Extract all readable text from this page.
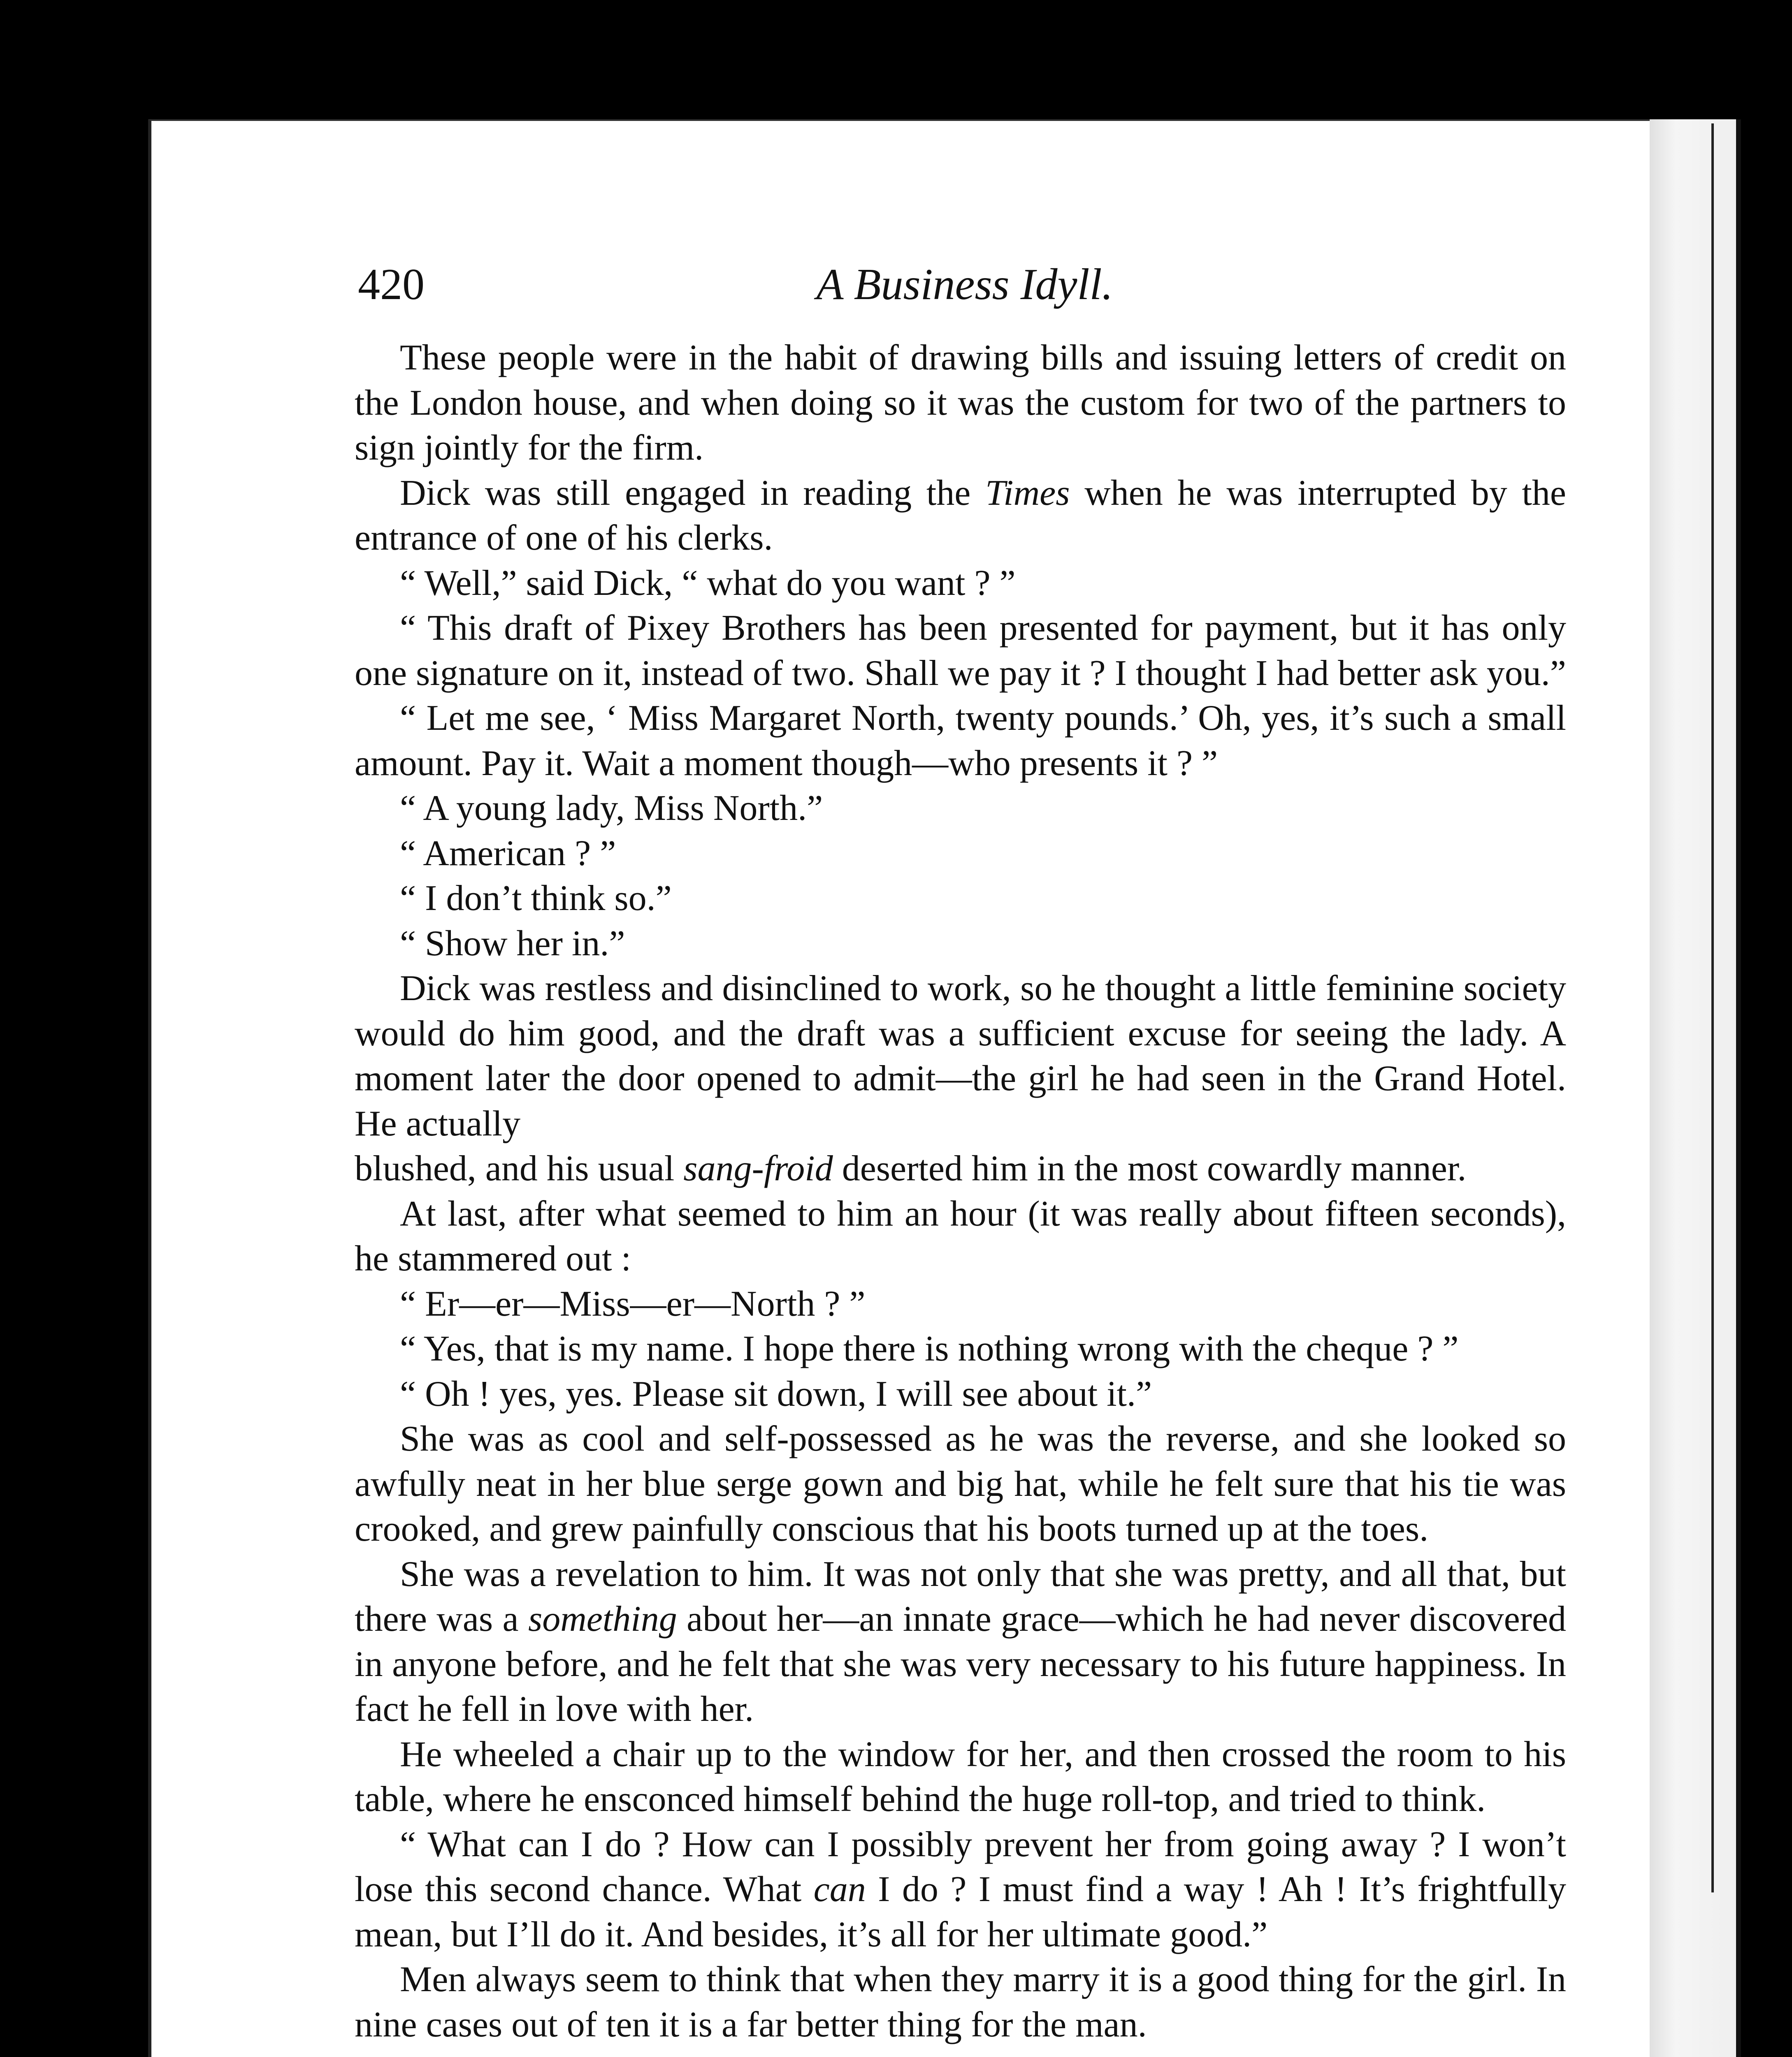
420	A Business Idyll.

These people were in the habit of drawing bills and issuing letters of credit on the London house, and when doing so it was the custom for two of the partners to sign jointly for the firm.

Dick was still engaged in reading the Times when he was interrupted by the entrance of one of his clerks.

“ Well,” said Dick, “ what do you want ? ”

“ This draft of Pixey Brothers has been presented for payment, but it has only one signature on it, instead of two. Shall we pay it ? I thought I had better ask you.”

“ Let me see, ‘ Miss Margaret North, twenty pounds.’ Oh, yes, it’s such a small amount. Pay it. Wait a moment though—who presents it ? ”

“ A young lady, Miss North.”

“ American ? ”

“ I don’t think so.”

“ Show her in.”

Dick was restless and disinclined to work, so he thought a little feminine society would do him good, and the draft was a sufficient excuse for seeing the lady. A moment later the door opened to admit—the girl he had seen in the Grand Hotel. He actually

blushed, and his usual sang-froid deserted him in the most cowardly manner.

At last, after what seemed to him an hour (it was really about fifteen seconds), he stammered out :

“ Er—er—Miss—er—North ? ”

“ Yes, that is my name. I hope there is nothing wrong with the cheque ? ”

“ Oh ! yes, yes. Please sit down, I will see about it.”

She was as cool and self-possessed as he was the reverse, and she looked so awfully neat in her blue serge gown and big hat, while he felt sure that his tie was crooked, and grew painfully conscious that his boots turned up at the toes.

She was a revelation to him. It was not only that she was pretty, and all that, but there was a something about her—an innate grace—which he had never discovered in anyone before, and he felt that she was very necessary to his future happiness. In fact he fell in love with her.

He wheeled a chair up to the window for her, and then crossed the room to his table, where he ensconced himself behind the huge roll-top, and tried to think.

“ What can I do ? How can I possibly prevent her from going away ? I won’t lose this second chance. What can I do ? I must find a way ! Ah ! It’s frightfully mean, but I’ll do it. And besides, it’s all for her ultimate good.”

Men always seem to think that when they marry it is a good thing for the girl. In nine cases out of ten it is a far better thing for the man.
